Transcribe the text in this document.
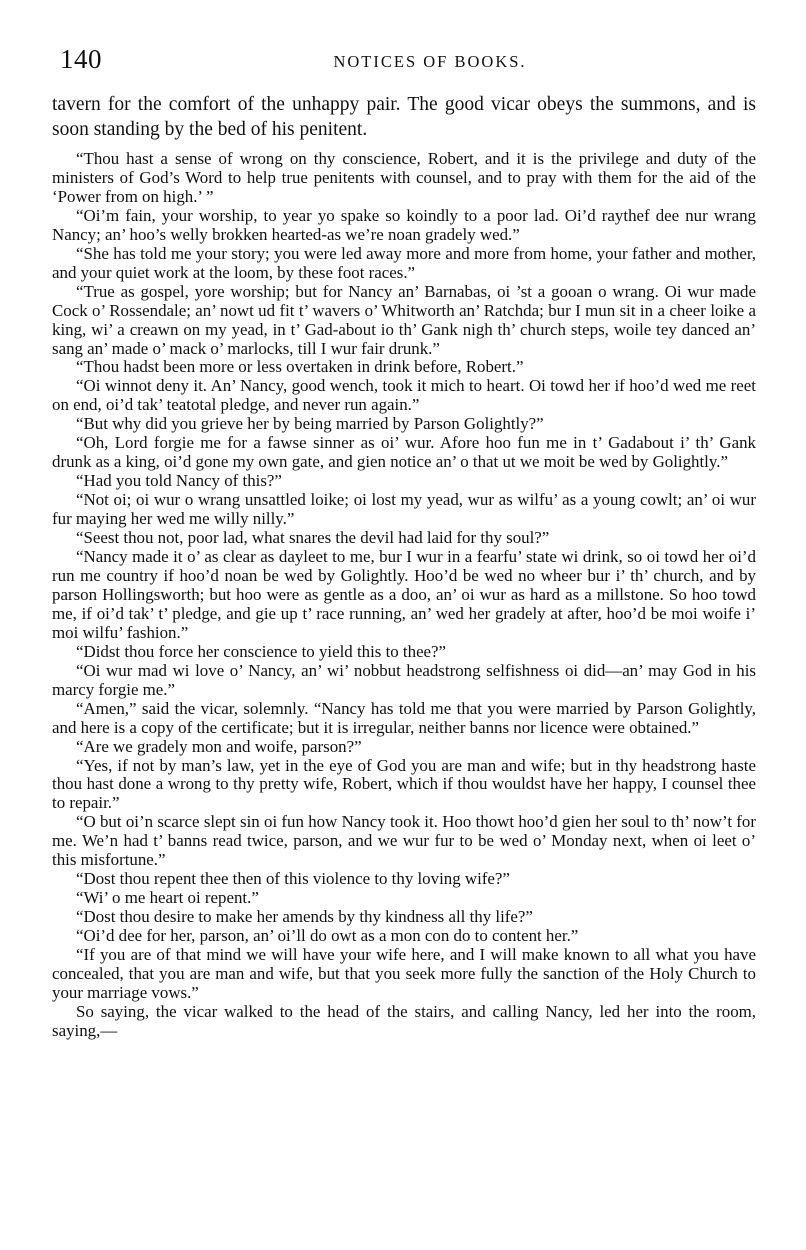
140	NOTICES OF BOOKS.

tavern for the comfort of the unhappy pair. The good vicar obeys the summons, and is soon standing by the bed of his penitent.

“Thou hast a sense of wrong on thy conscience, Robert, and it is the privilege and duty of the ministers of God’s Word to help true penitents with counsel, and to pray with them for the aid of the ‘Power from on high.’ ”

“Oi’m fain, your worship, to year yo spake so koindly to a poor lad. Oi’d raythef dee nur wrang Nancy; an’ hoo’s welly brokken hearted-as we’re noan gradely wed.”

“She has told me your story; you were led away more and more from home, your father and mother, and your quiet work at the loom, by these foot races.”

“True as gospel, yore worship; but for Nancy an’ Barnabas, oi ’st a gooan o wrang. Oi wur made Cock o’ Rossendale; an’ nowt ud fit t’ wavers o’ Whitworth an’ Ratchda; bur I mun sit in a cheer loike a king, wi’ a creawn on my yead, in t’ Gad-about io th’ Gank nigh th’ church steps, woile tey danced an’ sang an’ made o’ mack o’ marlocks, till I wur fair drunk.”

“Thou hadst been more or less overtaken in drink before, Robert.”

“Oi winnot deny it. An’ Nancy, good wench, took it mich to heart. Oi towd her if hoo’d wed me reet on end, oi’d tak’ teatotal pledge, and never run again.”

“But why did you grieve her by being married by Parson Golightly?”

“Oh, Lord forgie me for a fawse sinner as oi’ wur. Afore hoo fun me in t’ Gadabout i’ th’ Gank drunk as a king, oi’d gone my own gate, and gien notice an’ o that ut we moit be wed by Golightly.”

“Had you told Nancy of this?”

“Not oi; oi wur o wrang unsattled loike; oi lost my yead, wur as wilfu’ as a young cowlt; an’ oi wur fur maying her wed me willy nilly.”

“Seest thou not, poor lad, what snares the devil had laid for thy soul?”

“Nancy made it o’ as clear as dayleet to me, bur I wur in a fearfu’ state wi drink, so oi towd her oi’d run me country if hoo’d noan be wed by Golightly. Hoo’d be wed no wheer bur i’ th’ church, and by parson Hollingsworth; but hoo were as gentle as a doo, an’ oi wur as hard as a millstone. So hoo towd me, if oi’d tak’ t’ pledge, and gie up t’ race running, an’ wed her gradely at after, hoo’d be moi woife i’ moi wilfu’ fashion.”

“Didst thou force her conscience to yield this to thee?”

“Oi wur mad wi love o’ Nancy, an’ wi’ nobbut headstrong selfishness oi did—an’ may God in his marcy forgie me.”

“Amen,” said the vicar, solemnly. “Nancy has told me that you were married by Parson Golightly, and here is a copy of the certificate; but it is irregular, neither banns nor licence were obtained.”

“Are we gradely mon and woife, parson?”

“Yes, if not by man’s law, yet in the eye of God you are man and wife; but in thy headstrong haste thou hast done a wrong to thy pretty wife, Robert, which if thou wouldst have her happy, I counsel thee to repair.”

“O but oi’n scarce slept sin oi fun how Nancy took it. Hoo thowt hoo’d gien her soul to th’ now’t for me. We’n had t’ banns read twice, parson, and we wur fur to be wed o’ Monday next, when oi leet o’ this misfortune.”

“Dost thou repent thee then of this violence to thy loving wife?”

“Wi’ o me heart oi repent.”

“Dost thou desire to make her amends by thy kindness all thy life?”

“Oi’d dee for her, parson, an’ oi’ll do owt as a mon con do to content her.”

“If you are of that mind we will have your wife here, and I will make known to all what you have concealed, that you are man and wife, but that you seek more fully the sanction of the Holy Church to your marriage vows.”

So saying, the vicar walked to the head of the stairs, and calling Nancy, led her into the room, saying,—
